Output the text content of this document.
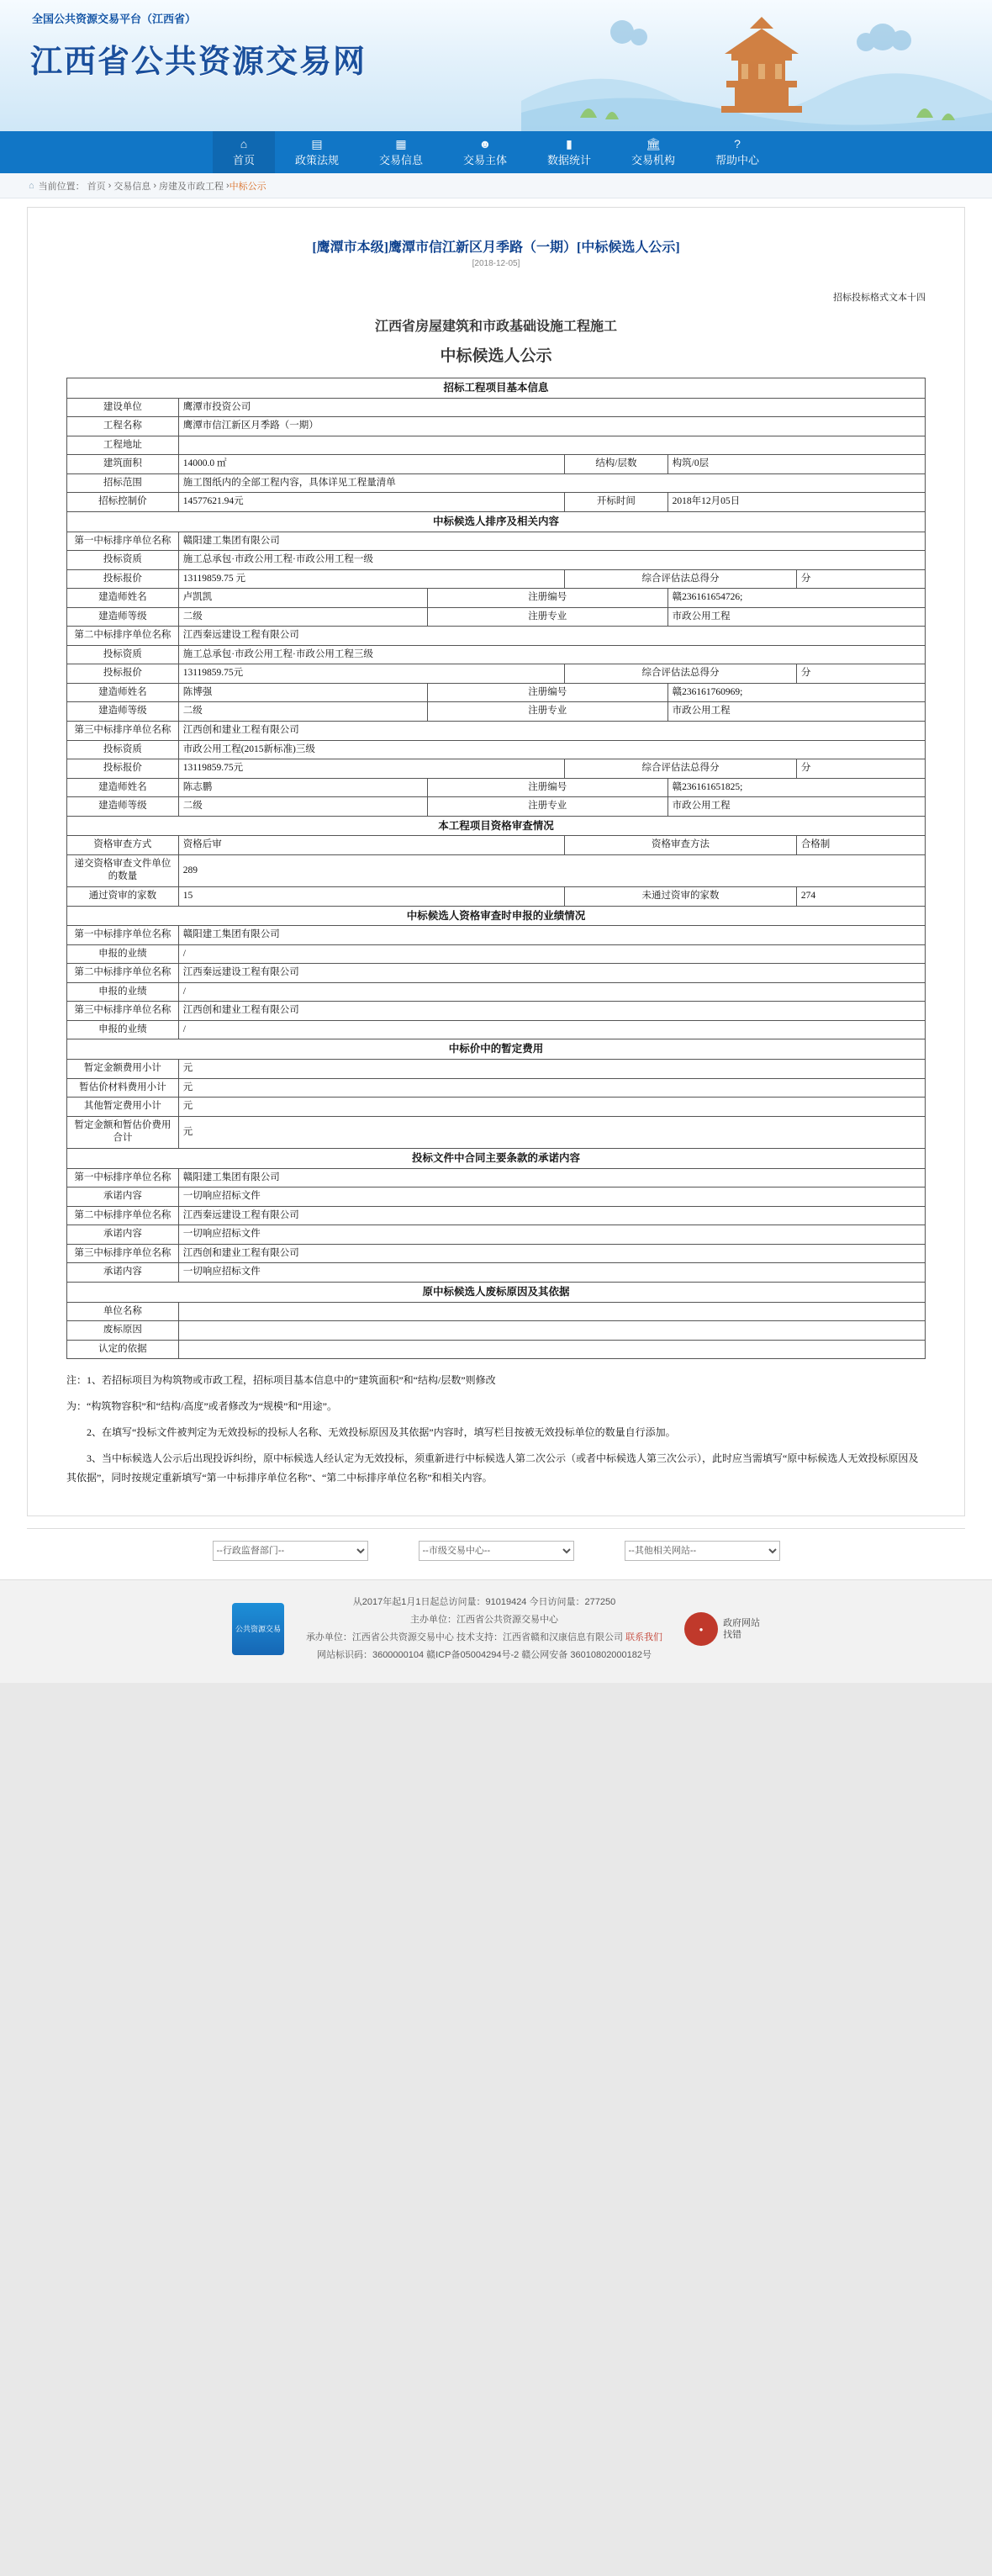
全国公共资源交易平台（江西省）
江西省公共资源交易网
⌂
首页
▤
政策法规
▦
交易信息
☻
交易主体
▮
数据统计
🏛
交易机构
?
帮助中心
⌂ 当前位置： 首页 › 交易信息 › 房建及市政工程 › 中标公示
[鹰潭市本级]鹰潭市信江新区月季路（一期）[中标候选人公示]
[2018-12-05]
招标投标格式文本十四
江西省房屋建筑和市政基础设施工程施工
中标候选人公示
招标工程项目基本信息					
建设单位	鹰潭市投资公司				
工程名称	鹰潭市信江新区月季路（一期）				
工程地址					
建筑面积	14000.0 ㎡		结构/层数	构筑/0层	
招标范围	施工图纸内的全部工程内容，具体详见工程量清单				
招标控制价	14577621.94元		开标时间	2018年12月05日	
中标候选人排序及相关内容					
第一中标排序单位名称	赣阳建工集团有限公司				
投标资质	施工总承包·市政公用工程·市政公用工程一级				
投标报价	13119859.75 元		综合评估法总得分		分
建造师姓名	卢凯凯	注册编号		赣236161654726;	
建造师等级	二级	注册专业		市政公用工程	
第二中标排序单位名称	江西秦远建设工程有限公司				
投标资质	施工总承包·市政公用工程·市政公用工程三级				
投标报价	13119859.75元		综合评估法总得分		分
建造师姓名	陈博强	注册编号		赣236161760969;	
建造师等级	二级	注册专业		市政公用工程	
第三中标排序单位名称	江西创和建业工程有限公司				
投标资质	市政公用工程(2015新标准)三级				
投标报价	13119859.75元		综合评估法总得分		分
建造师姓名	陈志鹏	注册编号		赣236161651825;	
建造师等级	二级	注册专业		市政公用工程	
本工程项目资格审查情况					
资格审查方式	资格后审		资格审查方法		合格制
递交资格审查文件单位的数量	289				
通过资审的家数	15		未通过资审的家数		274
中标候选人资格审查时申报的业绩情况					
第一中标排序单位名称	赣阳建工集团有限公司				
申报的业绩	/				
第二中标排序单位名称	江西秦远建设工程有限公司				
申报的业绩	/				
第三中标排序单位名称	江西创和建业工程有限公司				
申报的业绩	/				
中标价中的暂定费用					
暂定金额费用小计	元				
暂估价材料费用小计	元				
其他暂定费用小计	元				
暂定金额和暂估价费用合计	元				
投标文件中合同主要条款的承诺内容					
第一中标排序单位名称	赣阳建工集团有限公司				
承诺内容	一切响应招标文件				
第二中标排序单位名称	江西秦远建设工程有限公司				
承诺内容	一切响应招标文件				
第三中标排序单位名称	江西创和建业工程有限公司				
承诺内容	一切响应招标文件				
原中标候选人废标原因及其依据					
单位名称					
废标原因					
认定的依据					

注：1、若招标项目为构筑物或市政工程，招标项目基本信息中的“建筑面积”和“结构/层数”则修改

为：“构筑物容积”和“结构/高度”或者修改为“规模”和“用途”。

2、在填写“投标文件被判定为无效投标的投标人名称、无效投标原因及其依据”内容时，填写栏目按被无效投标单位的数量自行添加。

3、当中标候选人公示后出现投诉纠纷，原中标候选人经认定为无效投标，须重新进行中标候选人第二次公示（或者中标候选人第三次公示），此时应当需填写“原中标候选人无效投标原因及其依据”，同时按规定重新填写“第一中标排序单位名称”、“第二中标排序单位名称”和相关内容。

--行政监督部门--
--市级交易中心--
--其他相关网站--
公共资源交易
从2017年起1月1日起总访问量：91019424 今日访问量：277250
主办单位：江西省公共资源交易中心
承办单位：江西省公共资源交易中心 技术支持：江西省赣和汉康信息有限公司 联系我们
网站标识码：3600000104 赣ICP备05004294号-2 赣公网安备 36010802000182号
●
政府网站
找错
